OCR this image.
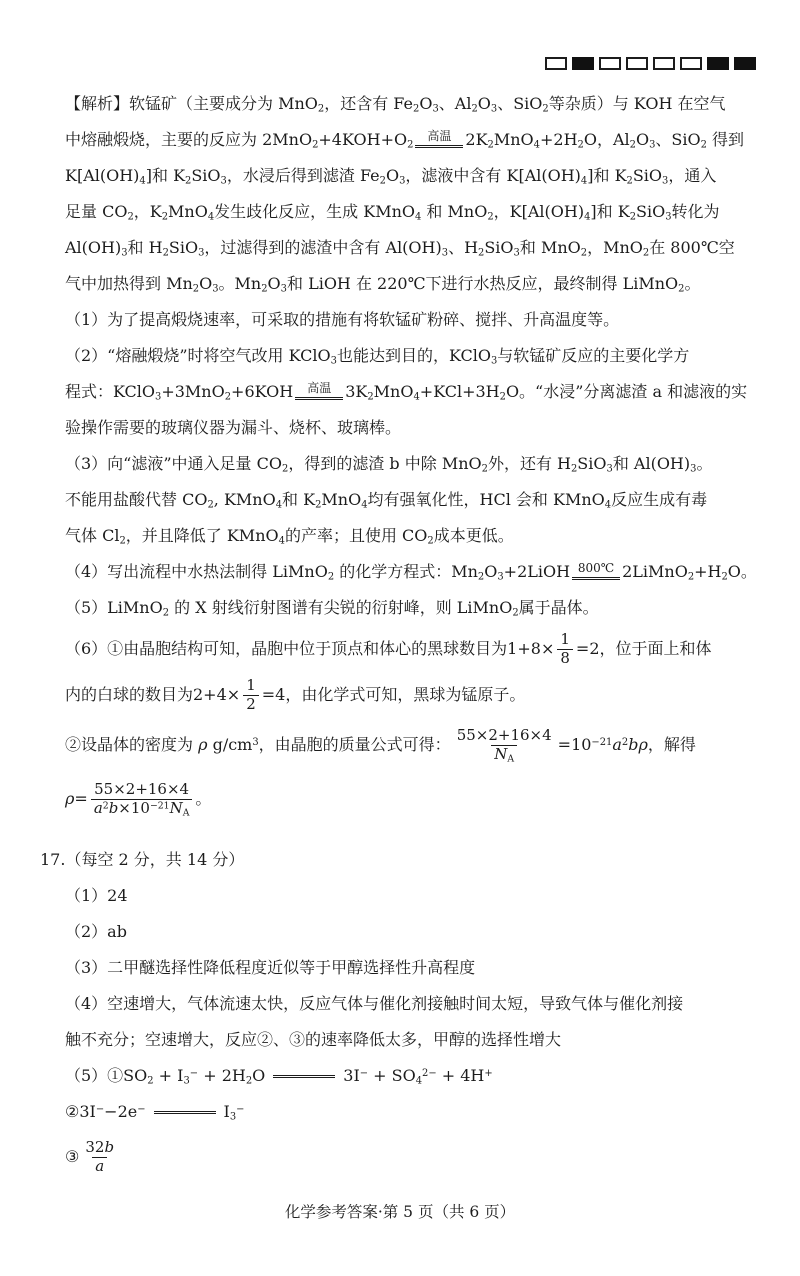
【解析】软锰矿（主要成分为 MnO$_2$，还含有 $Fe_2O_3$、$Al_2O_3$、SiO$_2$等杂质）与 KOH 在空气
中熔融煅烧，主要的反应为 $2MnO_2+4KOH+O_2$
高温 $2K_2MnO_4+2H_2O$，$Al_2O_3$、SiO$_2$ 得到
$K[Al(OH)_4]$和 $K_2SiO_3$，水浸后得到滤渣 $Fe_2O_3$，滤液中含有 $K[Al(OH)_4]$和 $K_2SiO_3$，通入
足量 $CO_2$，$K_2MnO_4$发生歧化反应，生成 KMnO$_4$ 和 MnO$_2$，$K[Al(OH)_4]$和 $K_2SiO_3$转化为
$Al(OH)_3$和 $H_2SiO_3$，过滤得到的滤渣中含有 $Al(OH)_3$、$H_2SiO_3$和 MnO$_2$，MnO$_2$在 800℃空
气中加热得到 $Mn_2O_3$。$Mn_2O_3$和 LiOH 在 220℃下进行水热反应，最终制得 LiMnO$_2$。
（1）为了提高煅烧速率，可采取的措施有将软锰矿粉碎、搅拌、升高温度等。
（2）“熔融煅烧”时将空气改用 KClO$_3$也能达到目的，KClO$_3$与软锰矿反应的主要化学方
程式：KClO$_3$+3MnO$_2$+6KOH 高温 $3K_2MnO_4+KCl+3H_2O$。“水浸”分离滤渣 a 和滤液的实
验操作需要的玻璃仪器为漏斗、烧杯、玻璃棒。
（3）向“滤液”中通入足量 $CO_2$，得到的滤渣 b 中除 MnO$_2$外，还有 $H_2SiO_3$和 $Al(OH)_3$。
不能用盐酸代替 $CO_2$, KMnO$_4$和 $K_2MnO_4$均有强氧化性，HCl 会和 KMnO$_4$反应生成有毒
气体 $Cl_2$，并且降低了 KMnO$_4$的产率；且使用 $CO_2$成本更低。
（4）写出流程中水热法制得 LiMnO$_2$ 的化学方程式：$Mn_2O_3+2LiOH$ 800℃ $2LiMnO_2+H_2O$。
（5）LiMnO$_2$ 的 X 射线衍射图谱有尖锐的衍射峰，则 LiMnO$_2$属于晶体。
（6）①由晶胞结构可知，晶胞中位于顶点和体心的黑球数目为$1+8\times \frac{1}{8} =2$，位于面上和体
内的白球的数目为$2+4\times \frac{1}{2} =4$，由化学式可知，黑球为锰原子。
②设晶体的密度为 ρ $g/cm^3$，由晶胞的质量公式可得： $\frac{55\times 2+16\times 4}{N_A} =10^{-21}a^2b\rho$，解得
$\rho= \frac{55\times 2+16\times 4}{a^2b\times 10^{-21}N_A}$ 。
17.（每空 2 分，共 14 分）
（1）24
（2）ab
（3）二甲醚选择性降低程度近似等于甲醇选择性升高程度
（4）空速增大，气体流速太快，反应气体与催化剂接触时间太短，导致气体与催化剂接
触不充分；空速增大，反应②、③的速率降低太多，甲醇的选择性增大
$(5)①SO_2 + I_3^- + 2H_2O$	$3I^- + SO_4^{2-} + 4H^+$
②3I−−2e−	$I_3^-$
③ $\frac{32b}{a}$
化学参考答案·第 5 页（共 6 页）
